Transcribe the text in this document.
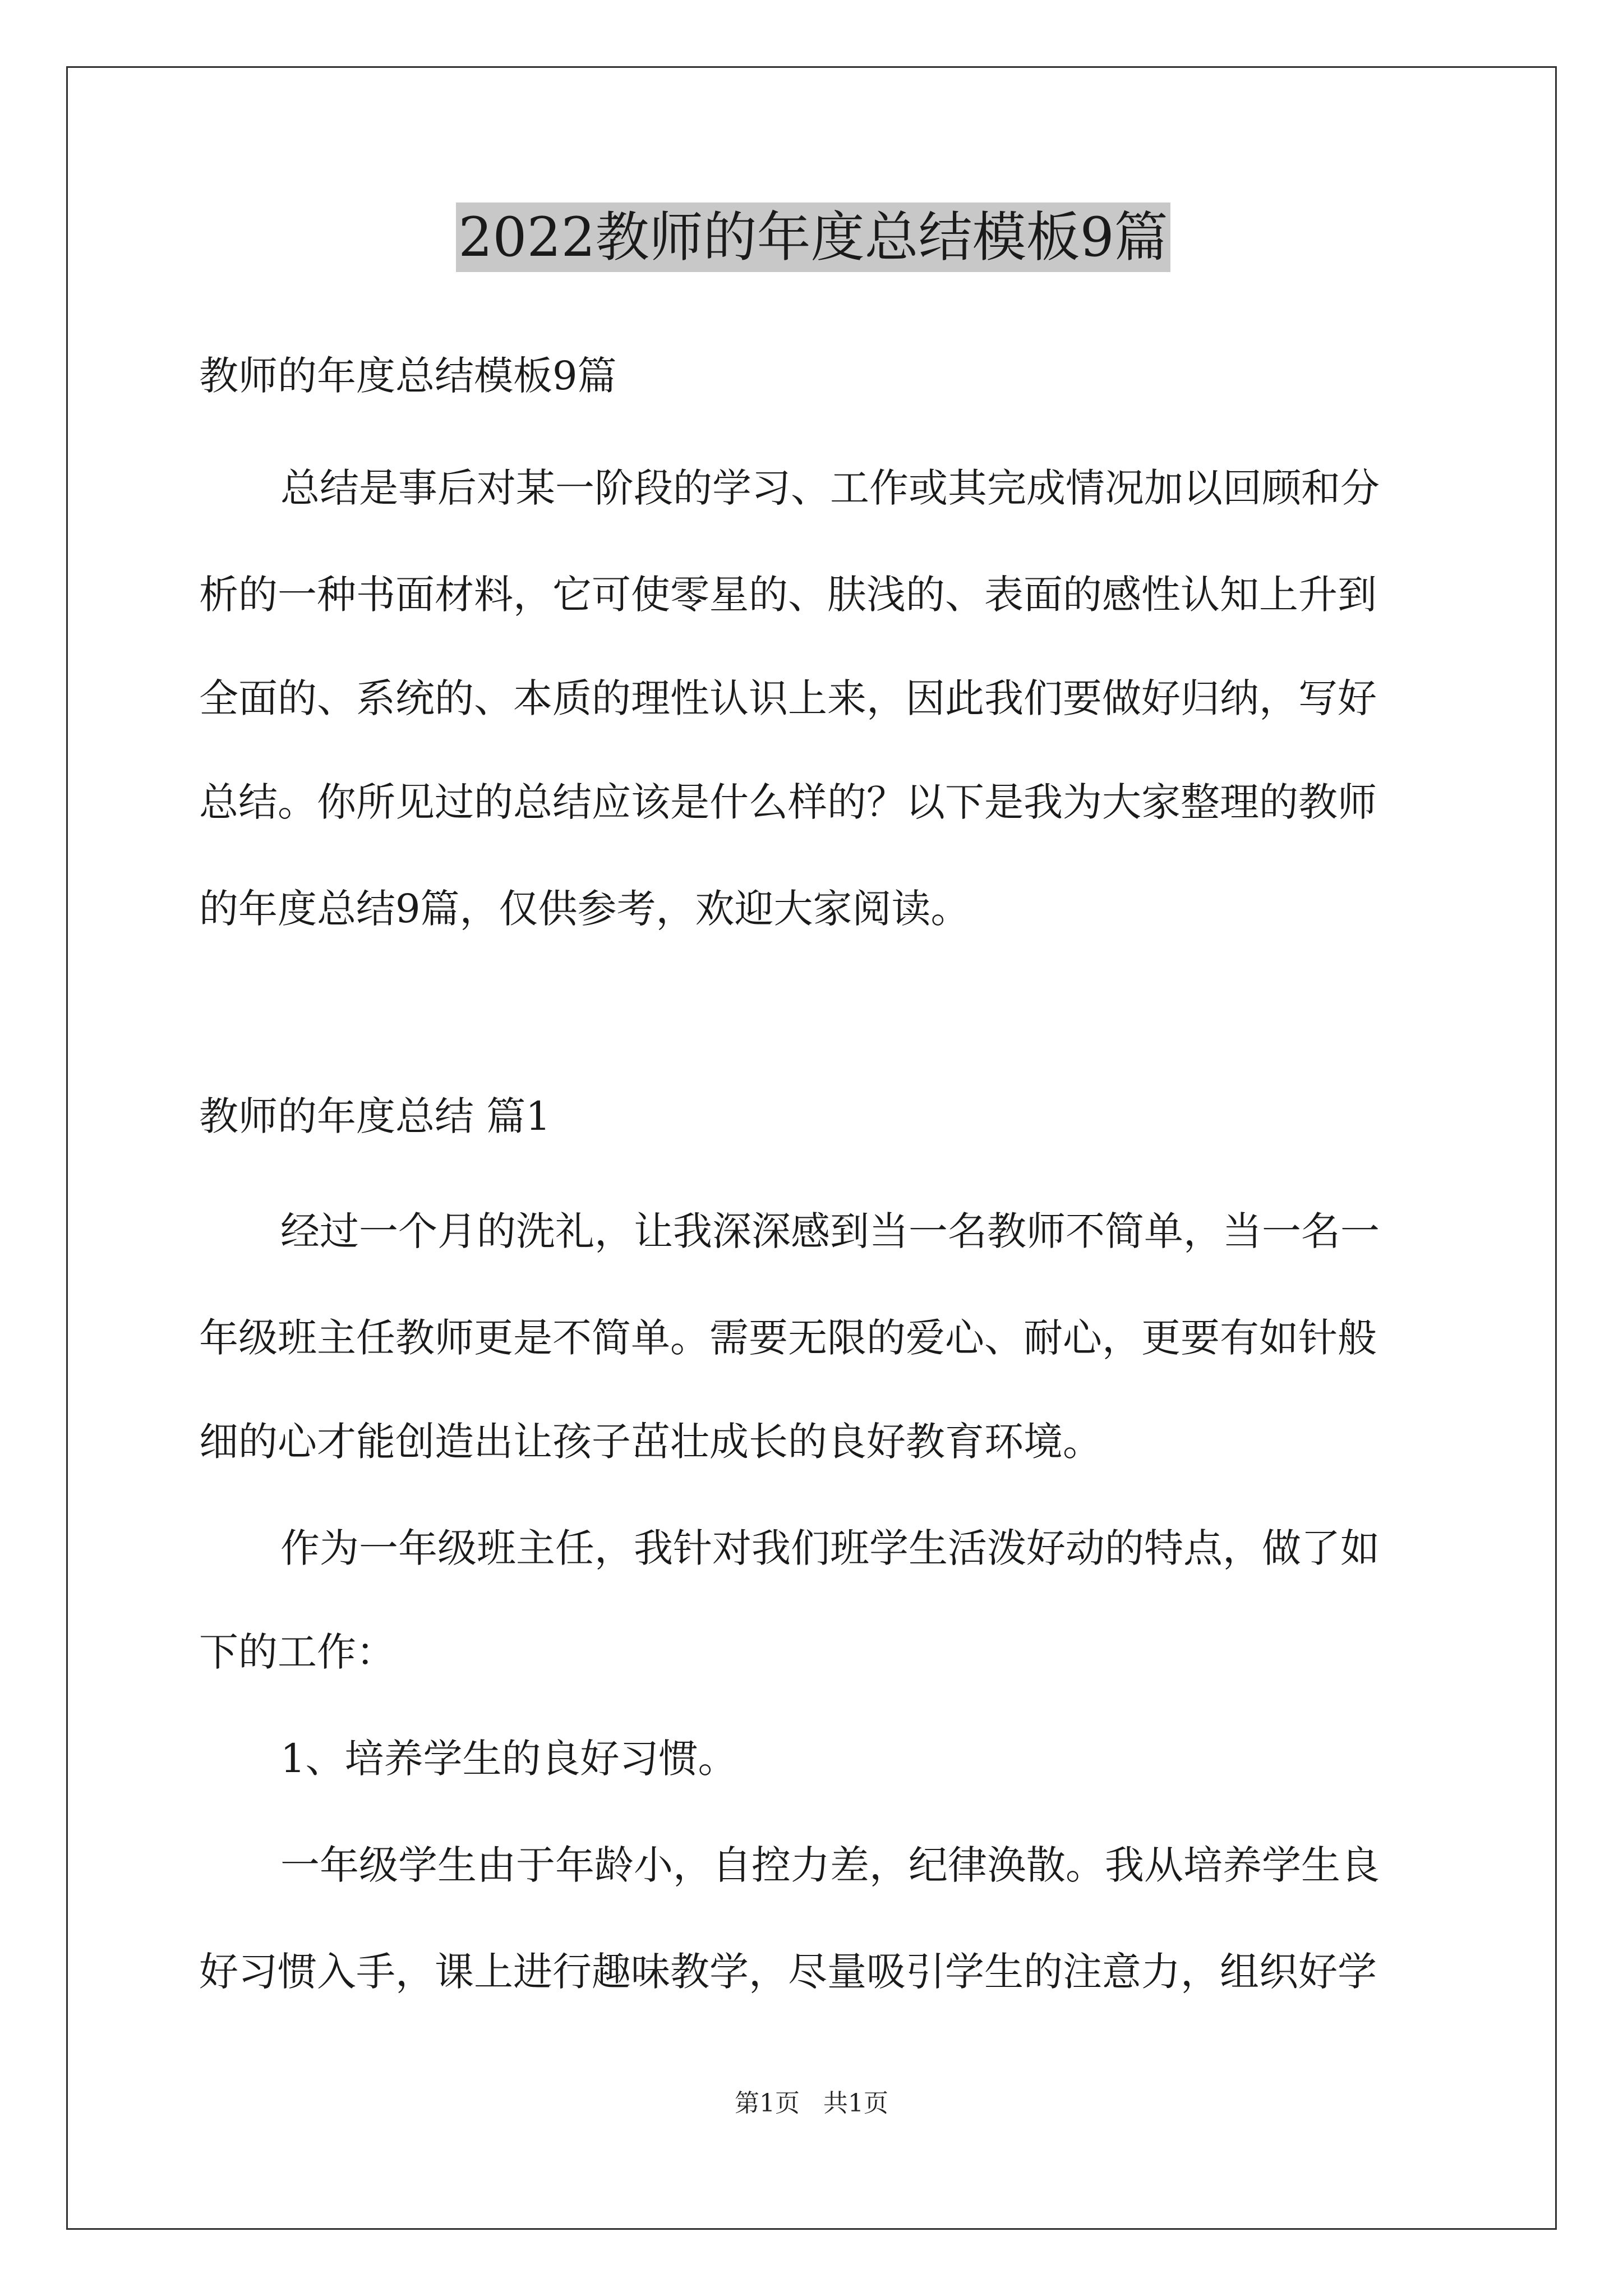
2022教师的年度总结模板9篇
教师的年度总结模板9篇
总结是事后对某一阶段的学习、工作或其完成情况加以回顾和分
析的一种书面材料，它可使零星的、肤浅的、表面的感性认知上升到
全面的、系统的、本质的理性认识上来，因此我们要做好归纳，写好
总结。你所见过的总结应该是什么样的？以下是我为大家整理的教师
的年度总结9篇，仅供参考，欢迎大家阅读。
教师的年度总结 篇1
经过一个月的洗礼，让我深深感到当一名教师不简单，当一名一
年级班主任教师更是不简单。需要无限的爱心、耐心，更要有如针般
细的心才能创造出让孩子茁壮成长的良好教育环境。
作为一年级班主任，我针对我们班学生活泼好动的特点，做了如
下的工作：
1、培养学生的良好习惯。
一年级学生由于年龄小，自控力差，纪律涣散。我从培养学生良
好习惯入手，课上进行趣味教学，尽量吸引学生的注意力，组织好学
第1页   共1页
